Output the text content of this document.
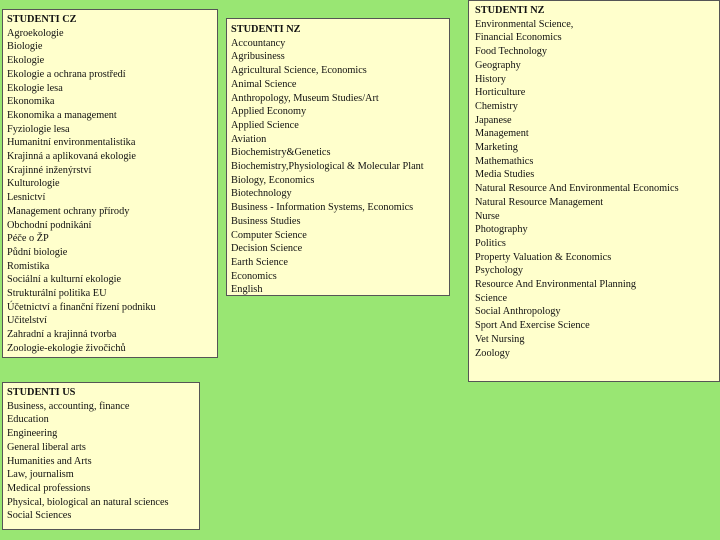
STUDENTI CZ
Agroekologie
Biologie
Ekologie
Ekologie a ochrana prostředí
Ekologie lesa
Ekonomika
Ekonomika a management
Fyziologie lesa
Humanitní environmentalistika
Krajinná a aplikovaná ekologie
Krajinné inženýrství
Kulturologie
Lesnictví
Management ochrany přírody
Obchodní podnikání
Péče o ŽP
Půdní biologie
Romistika
Sociální a kulturní ekologie
Strukturální politika EU
Účetnictví a finanční řízení podniku
Učitelství
Zahradní a krajinná tvorba
Zoologie-ekologie živočichů
STUDENTI US
Business, accounting, finance
Education
Engineering
General liberal arts
Humanities and Arts
Law, journalism
Medical professions
Physical, biological an natural sciences
Social Sciences
STUDENTI NZ
Accountancy
Agribusiness
Agricultural Science, Economics
Animal Science
Anthropology, Museum Studies/Art
Applied Economy
Applied Science
Aviation
Biochemistry&Genetics
Biochemistry,Physiological & Molecular Plant
Biology, Economics
Biotechnology
Business - Information Systems, Economics
Business Studies
Computer Science
Decision Science
Earth Science
Economics
English
STUDENTI NZ
Environmental Science,
Financial Economics
Food Technology
Geography
History
Horticulture
Chemistry
Japanese
Management
Marketing
Mathemathics
Media Studies
Natural Resource And Environmental Economics
Natural Resource Management
Nurse
Photography
Politics
Property Valuation & Economics
Psychology
Resource And Environmental Planning
Science
Social Anthropology
Sport And Exercise Science
Vet Nursing
Zoology
